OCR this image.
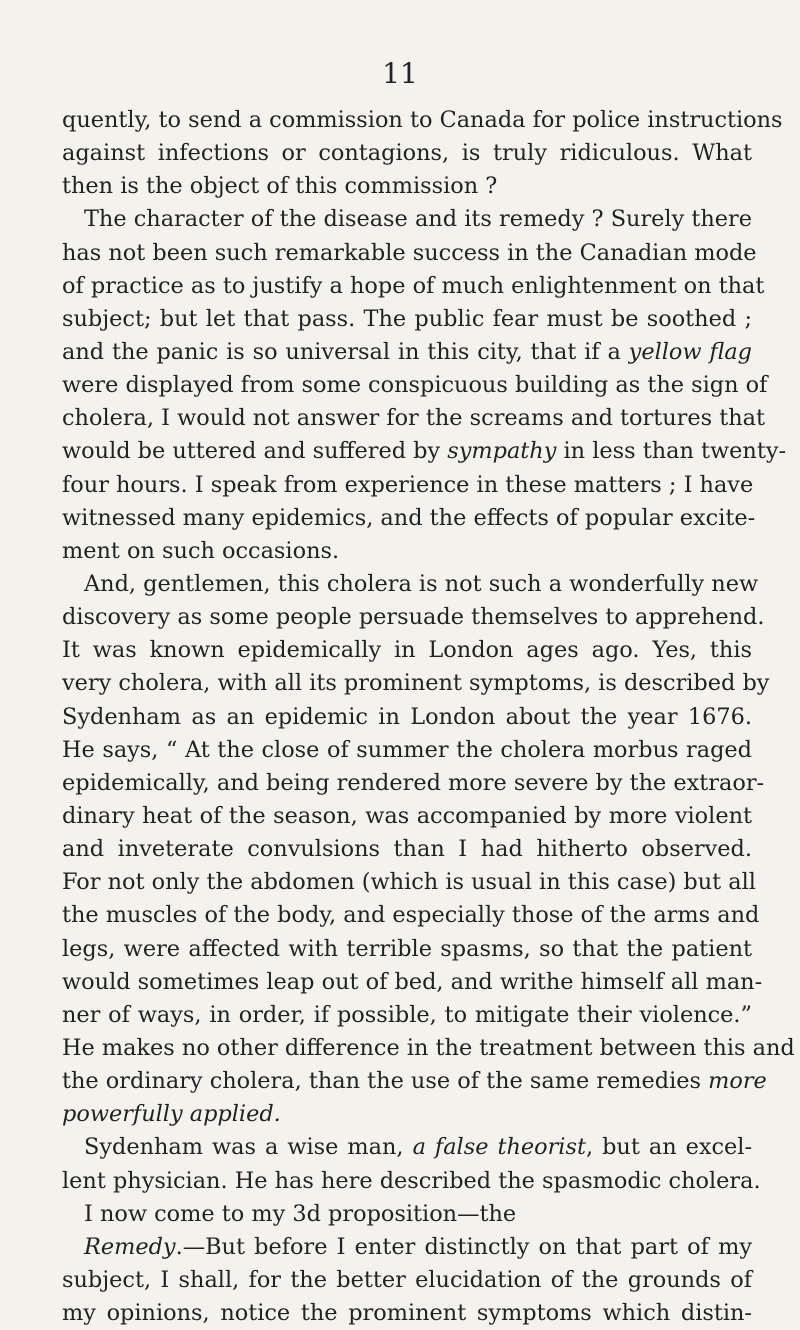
11
quently, to send a commission to Canada for police instructions
against infections or contagions, is truly ridiculous. What
then is the object of this commission ?
The character of the disease and its remedy ? Surely there
has not been such remarkable success in the Canadian mode
of practice as to justify a hope of much enlightenment on that
subject; but let that pass. The public fear must be soothed ;
and the panic is so universal in this city, that if a yellow flag
were displayed from some conspicuous building as the sign of
cholera, I would not answer for the screams and tortures that
would be uttered and suffered by sympathy in less than twenty-
four hours. I speak from experience in these matters ; I have
witnessed many epidemics, and the effects of popular excite-
ment on such occasions.
And, gentlemen, this cholera is not such a wonderfully new
discovery as some people persuade themselves to apprehend.
It was known epidemically in London ages ago. Yes, this
very cholera, with all its prominent symptoms, is described by
Sydenham as an epidemic in London about the year 1676.
He says, “ At the close of summer the cholera morbus raged
epidemically, and being rendered more severe by the extraor-
dinary heat of the season, was accompanied by more violent
and inveterate convulsions than I had hitherto observed.
For not only the abdomen (which is usual in this case) but all
the muscles of the body, and especially those of the arms and
legs, were affected with terrible spasms, so that the patient
would sometimes leap out of bed, and writhe himself all man-
ner of ways, in order, if possible, to mitigate their violence.”
He makes no other difference in the treatment between this and
the ordinary cholera, than the use of the same remedies more
powerfully applied.
Sydenham was a wise man, a false theorist, but an excel-
lent physician. He has here described the spasmodic cholera.
I now come to my 3d proposition—the
Remedy.—But before I enter distinctly on that part of my
subject, I shall, for the better elucidation of the grounds of
my opinions, notice the prominent symptoms which distin-
